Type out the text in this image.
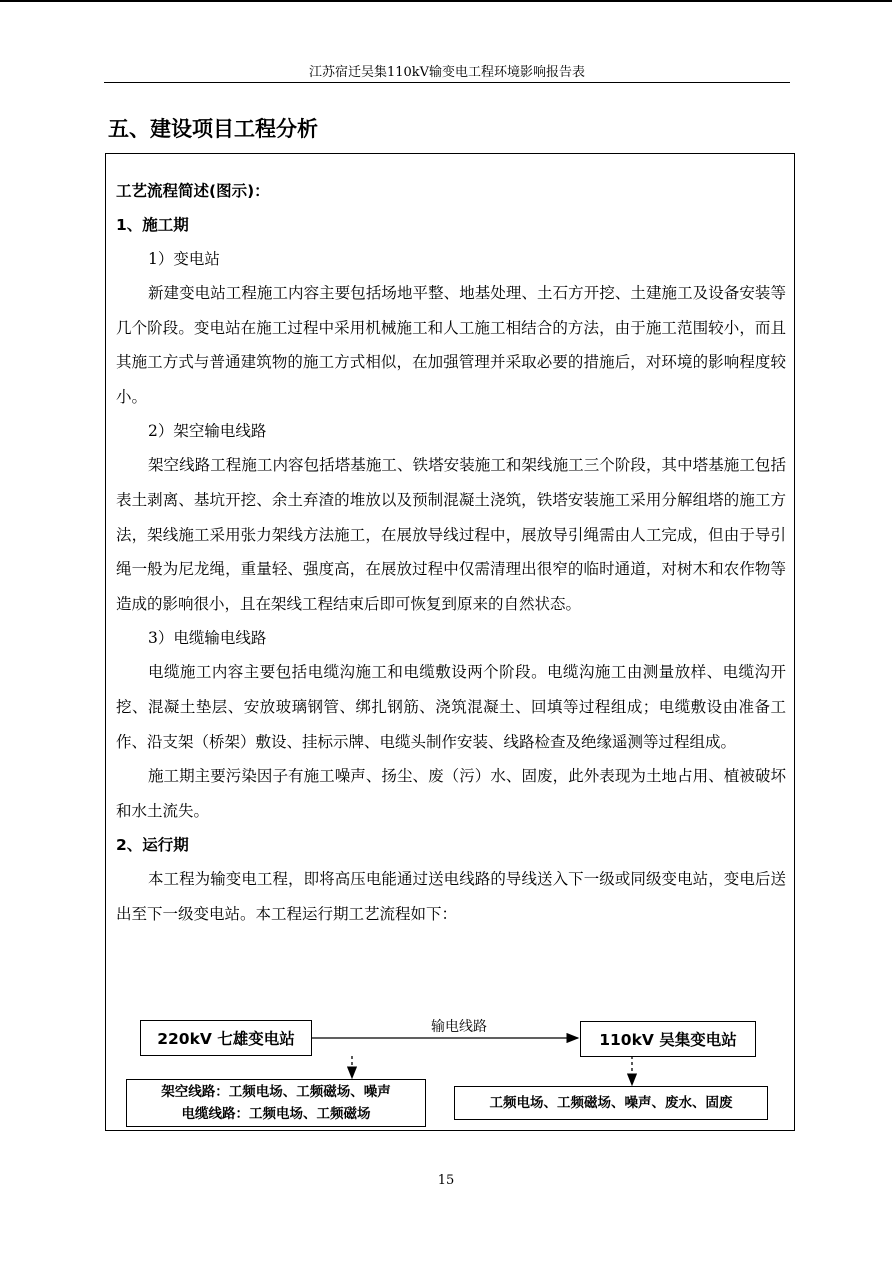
江苏宿迁吴集110kV输变电工程环境影响报告表
五、建设项目工程分析
工艺流程简述(图示)：
1、施工期
1）变电站
新建变电站工程施工内容主要包括场地平整、地基处理、土石方开挖、土建施工及设备安装等几个阶段。变电站在施工过程中采用机械施工和人工施工相结合的方法，由于施工范围较小，而且其施工方式与普通建筑物的施工方式相似，在加强管理并采取必要的措施后，对环境的影响程度较小。
2）架空输电线路
架空线路工程施工内容包括塔基施工、铁塔安装施工和架线施工三个阶段，其中塔基施工包括表土剥离、基坑开挖、余土弃渣的堆放以及预制混凝土浇筑，铁塔安装施工采用分解组塔的施工方法，架线施工采用张力架线方法施工，在展放导线过程中，展放导引绳需由人工完成，但由于导引绳一般为尼龙绳，重量轻、强度高，在展放过程中仅需清理出很窄的临时通道，对树木和农作物等造成的影响很小，且在架线工程结束后即可恢复到原来的自然状态。
3）电缆输电线路
电缆施工内容主要包括电缆沟施工和电缆敷设两个阶段。电缆沟施工由测量放样、电缆沟开挖、混凝土垫层、安放玻璃钢管、绑扎钢筋、浇筑混凝土、回填等过程组成；电缆敷设由准备工作、沿支架（桥架）敷设、挂标示牌、电缆头制作安装、线路检查及绝缘遥测等过程组成。
施工期主要污染因子有施工噪声、扬尘、废（污）水、固废，此外表现为土地占用、植被破坏和水土流失。
2、运行期
本工程为输变电工程，即将高压电能通过送电线路的导线送入下一级或同级变电站，变电后送出至下一级变电站。本工程运行期工艺流程如下：
输电线路
220kV 七雄变电站	110kV 吴集变电站
架空线路：工频电场、工频磁场、噪声
电缆线路：工频电场、工频磁场
工频电场、工频磁场、噪声、废水、固废
15
